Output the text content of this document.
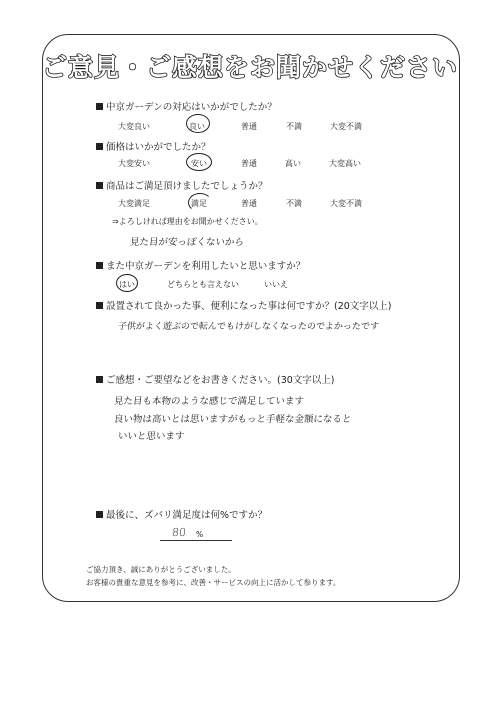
ご意見・ご感想をお聞かせください
中京ガーデンの対応はいかがでしたか？
大変良い	良い	普通	不満	大変不満
価格はいかがでしたか？
大変安い	安い	普通	高い	大変高い
商品はご満足頂けましたでしょうか？
大変満足	満足	普通	不満	大変不満
⇒よろしければ理由をお聞かせください。
見た目が安っぽくないから
また中京ガーデンを利用したいと思いますか？
はい	どちらとも言えない	いいえ
設置されて良かった事、便利になった事は何ですか？(20文字以上)
子供がよく遊ぶので転んでもけがしなくなったのでよかったです
ご感想・ご要望などをお書きください。(30文字以上)
見た目も本物のような感じで満足しています
良い物は高いとは思いますがもっと手軽な金額になると
いいと思います
最後に、ズバリ満足度は何%ですか？
80 %
ご協力頂き、誠にありがとうございました。
お客様の貴重な意見を参考に、改善・サービスの向上に活かして参ります。
